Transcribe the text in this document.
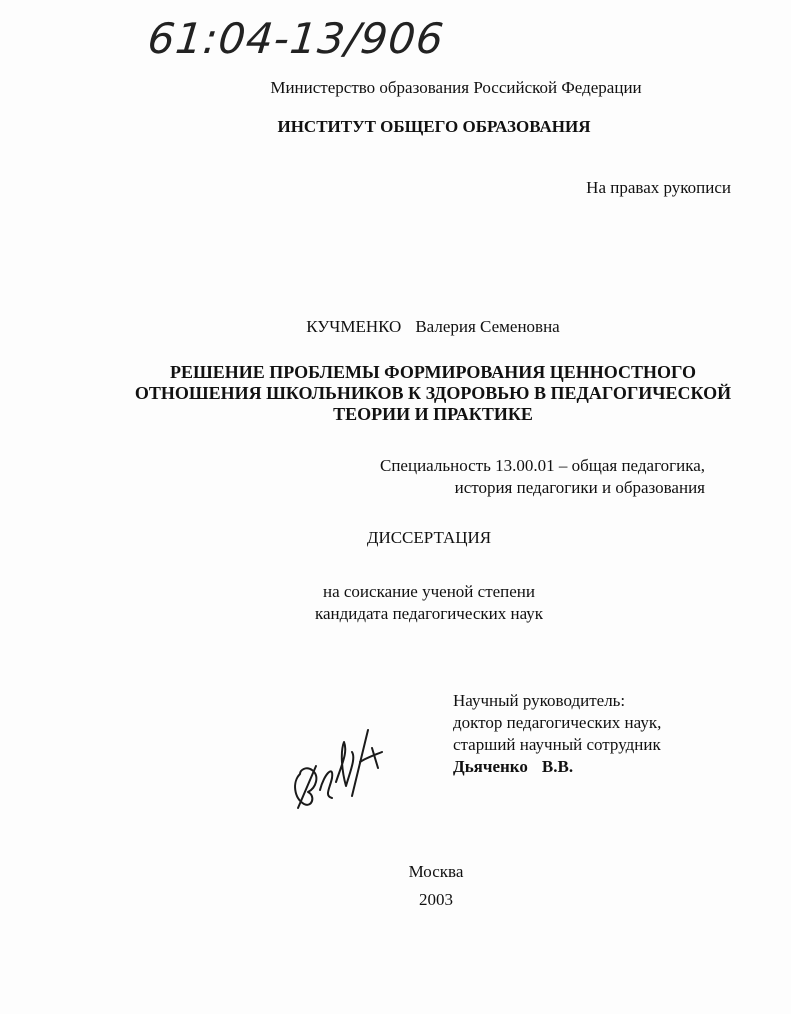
61:04-13/906
Министерство образования Российской Федерации
ИНСТИТУТ ОБЩЕГО ОБРАЗОВАНИЯ
На правах рукописи
КУЧМЕНКО Валерия Семеновна
РЕШЕНИЕ ПРОБЛЕМЫ ФОРМИРОВАНИЯ ЦЕННОСТНОГО
ОТНОШЕНИЯ ШКОЛЬНИКОВ К ЗДОРОВЬЮ В ПЕДАГОГИЧЕСКОЙ
ТЕОРИИ И ПРАКТИКЕ
Специальность 13.00.01 – общая педагогика,
история педагогики и образования
ДИССЕРТАЦИЯ
на соискание ученой степени
кандидата педагогических наук
Научный руководитель:
доктор педагогических наук,
старший научный сотрудник
Дьяченко В.В.
Москва
2003
